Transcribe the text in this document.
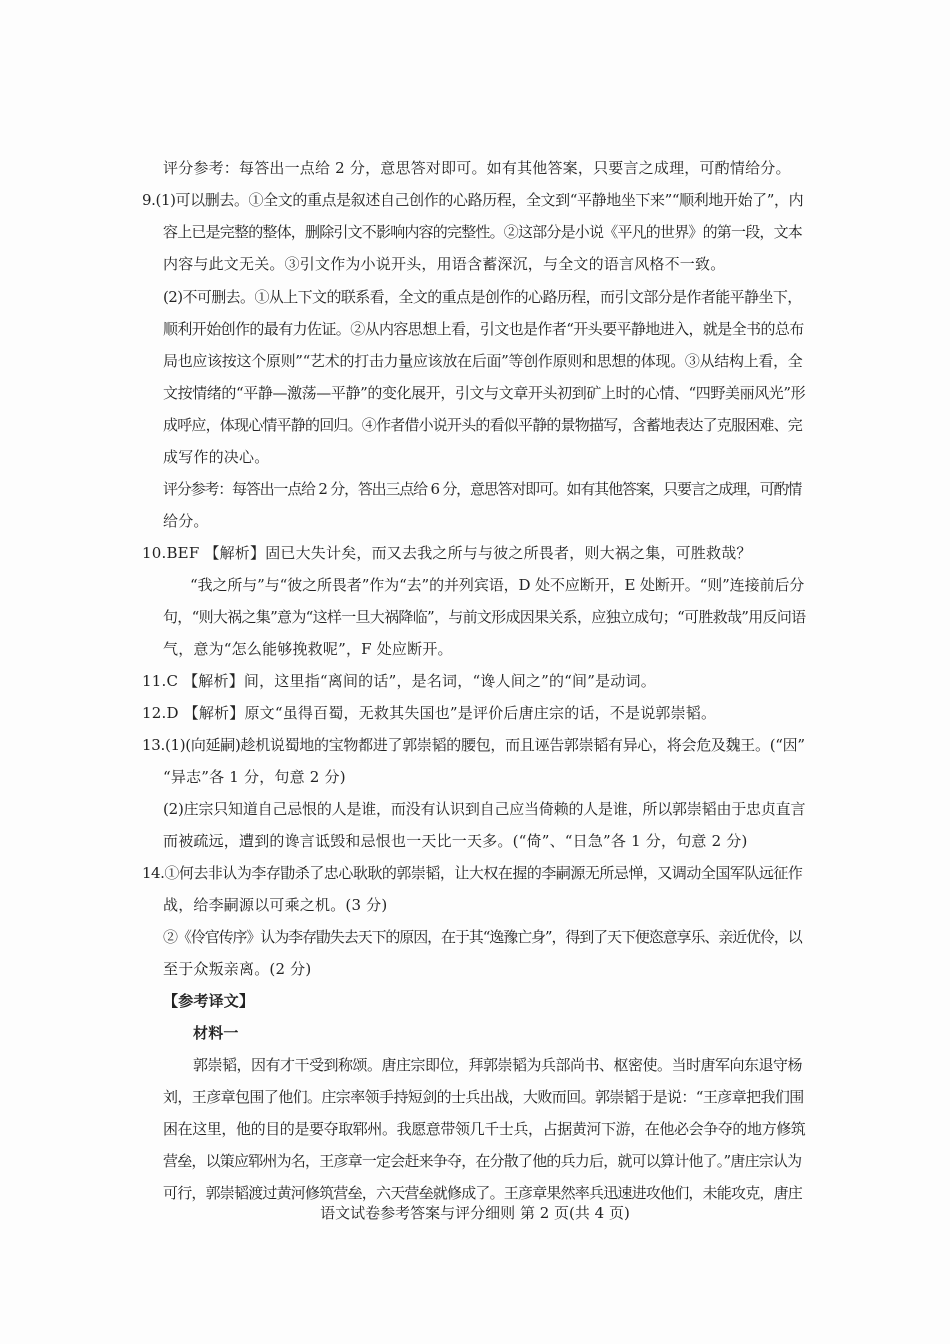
评分参考：每答出一点给 2 分，意思答对即可。如有其他答案，只要言之成理，可酌情给分。
9.(1)可以删去。①全文的重点是叙述自己创作的心路历程，全文到“平静地坐下来”“顺利地开始了”，内
容上已是完整的整体，删除引文不影响内容的完整性。②这部分是小说《平凡的世界》的第一段，文本
内容与此文无关。③引文作为小说开头，用语含蓄深沉，与全文的语言风格不一致。
(2)不可删去。①从上下文的联系看，全文的重点是创作的心路历程，而引文部分是作者能平静坐下，
顺利开始创作的最有力佐证。②从内容思想上看，引文也是作者“开头要平静地进入，就是全书的总布
局也应该按这个原则”“艺术的打击力量应该放在后面”等创作原则和思想的体现。③从结构上看，全
文按情绪的“平静—激荡—平静”的变化展开，引文与文章开头初到矿上时的心情、“四野美丽风光”形
成呼应，体现心情平静的回归。④作者借小说开头的看似平静的景物描写，含蓄地表达了克服困难、完
成写作的决心。
评分参考：每答出一点给 2 分，答出三点给 6 分，意思答对即可。如有其他答案，只要言之成理，可酌情
给分。
10.BEF 【解析】固已大失计矣，而又去我之所与与彼之所畏者，则大祸之集，可胜救哉？
“我之所与”与“彼之所畏者”作为“去”的并列宾语，D 处不应断开，E 处断开。“则”连接前后分
句，“则大祸之集”意为“这样一旦大祸降临”，与前文形成因果关系，应独立成句；“可胜救哉”用反问语
气，意为“怎么能够挽救呢”，F 处应断开。
11.C 【解析】间，这里指“离间的话”，是名词，“谗人间之”的“间”是动词。
12.D 【解析】原文“虽得百蜀，无救其失国也”是评价后唐庄宗的话，不是说郭崇韬。
13.(1)(向延嗣)趁机说蜀地的宝物都进了郭崇韬的腰包，而且诬告郭崇韬有异心，将会危及魏王。(“因”
“异志”各 1 分，句意 2 分)
(2)庄宗只知道自己忌恨的人是谁，而没有认识到自己应当倚赖的人是谁，所以郭崇韬由于忠贞直言
而被疏远，遭到的谗言诋毁和忌恨也一天比一天多。(“倚”、“日急”各 1 分，句意 2 分)
14.①何去非认为李存勖杀了忠心耿耿的郭崇韬，让大权在握的李嗣源无所忌惮，又调动全国军队远征作
战，给李嗣源以可乘之机。(3 分)
②《伶官传序》认为李存勖失去天下的原因，在于其“逸豫亡身”，得到了天下便恣意享乐、亲近优伶，以
至于众叛亲离。(2 分)
【参考译文】
材料一
郭崇韬，因有才干受到称颂。唐庄宗即位，拜郭崇韬为兵部尚书、枢密使。当时唐军向东退守杨
刘，王彦章包围了他们。庄宗率领手持短剑的士兵出战，大败而回。郭崇韬于是说：“王彦章把我们围
困在这里，他的目的是要夺取郓州。我愿意带领几千士兵，占据黄河下游，在他必会争夺的地方修筑
营垒，以策应郓州为名，王彦章一定会赶来争夺，在分散了他的兵力后，就可以算计他了。”唐庄宗认为
可行，郭崇韬渡过黄河修筑营垒，六天营垒就修成了。王彦章果然率兵迅速进攻他们，未能攻克，唐庄
语文试卷参考答案与评分细则 第 2 页(共 4 页)
